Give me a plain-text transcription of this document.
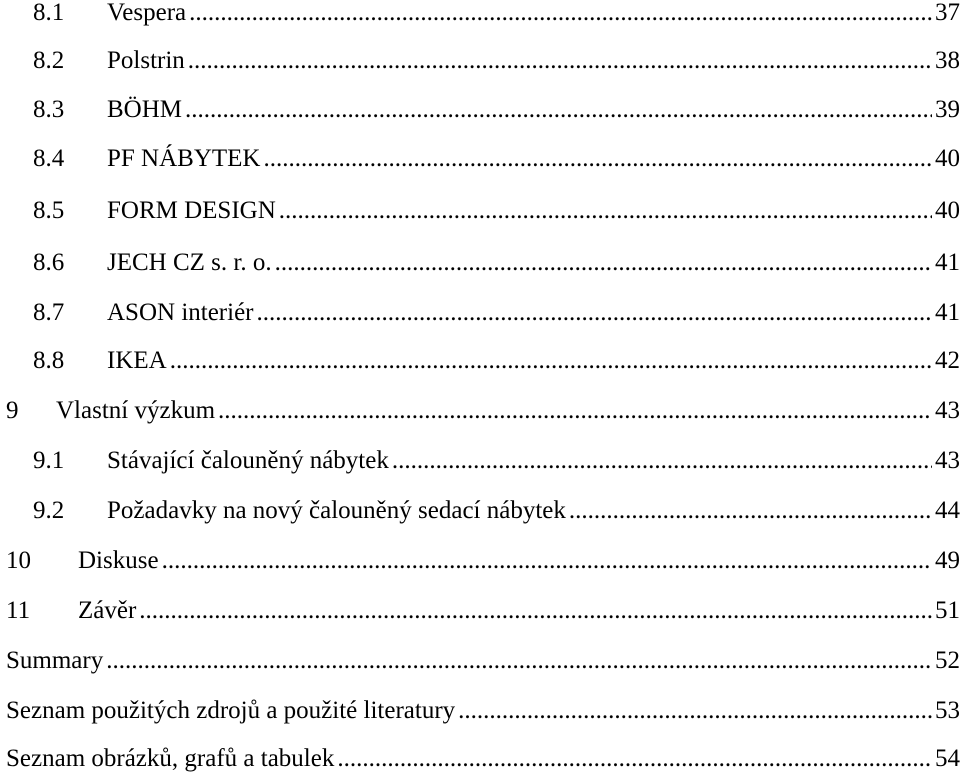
8.1	Vespera .....	37
8.2	Polstrin .....	38
8.3	BÖHM .....	39
8.4	PF NÁBYTEK .....	40
8.5	FORM DESIGN .....	40
8.6	JECH CZ s. r. o. .....	41
8.7	ASON interiér .....	41
8.8	IKEA .....	42
9	Vlastní výzkum .....	43
9.1	Stávající čalouněný nábytek .....	43
9.2	Požadavky na nový čalouněný sedací nábytek .....	44
10	Diskuse .....	49
11	Závěr .....	51
Summary .....	52
Seznam použitých zdrojů a použité literatury .....	53
Seznam obrázků, grafů a tabulek .....	54
